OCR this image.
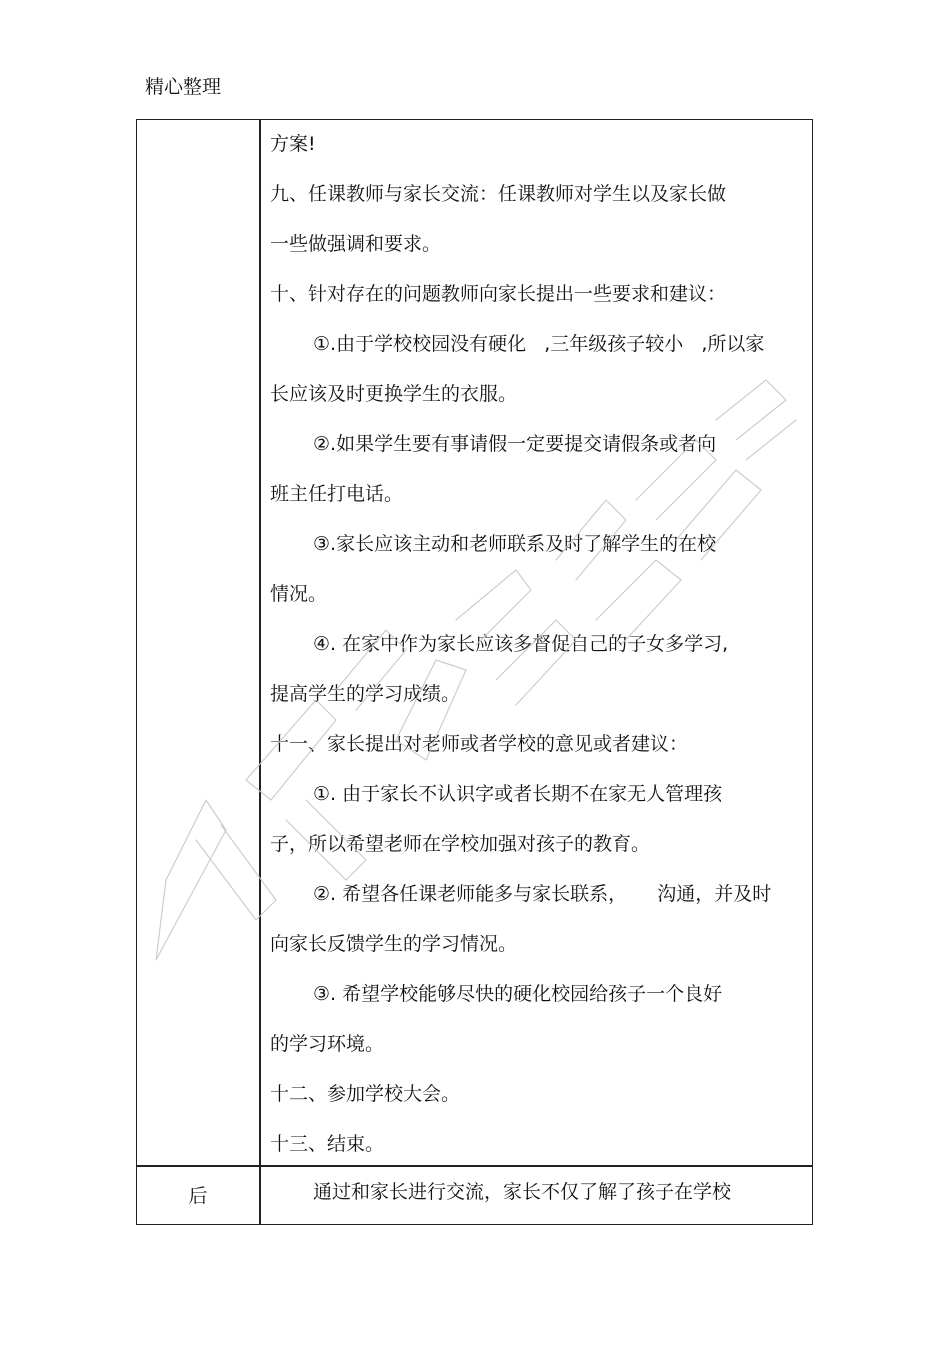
精心整理
方案!
九、任课教师与家长交流：任课教师对学生以及家长做
一些做强调和要求。
十、针对存在的问题教师向家长提出一些要求和建议：
①.由于学校校园没有硬化   ,三年级孩子较小   ,所以家
长应该及时更换学生的衣服。
②.如果学生要有事请假一定要提交请假条或者向
班主任打电话。
③.家长应该主动和老师联系及时了解学生的在校
情况。
④. 在家中作为家长应该多督促自己的子女多学习,
提高学生的学习成绩。
十一、家长提出对老师或者学校的意见或者建议：
①. 由于家长不认识字或者长期不在家无人管理孩
子，所以希望老师在学校加强对孩子的教育。
②. 希望各任课老师能多与家长联系，     沟通，并及时
向家长反馈学生的学习情况。
③. 希望学校能够尽快的硬化校园给孩子一个良好
的学习环境。
十二、参加学校大会。
十三、结束。
后	通过和家长进行交流，家长不仅了解了孩子在学校
